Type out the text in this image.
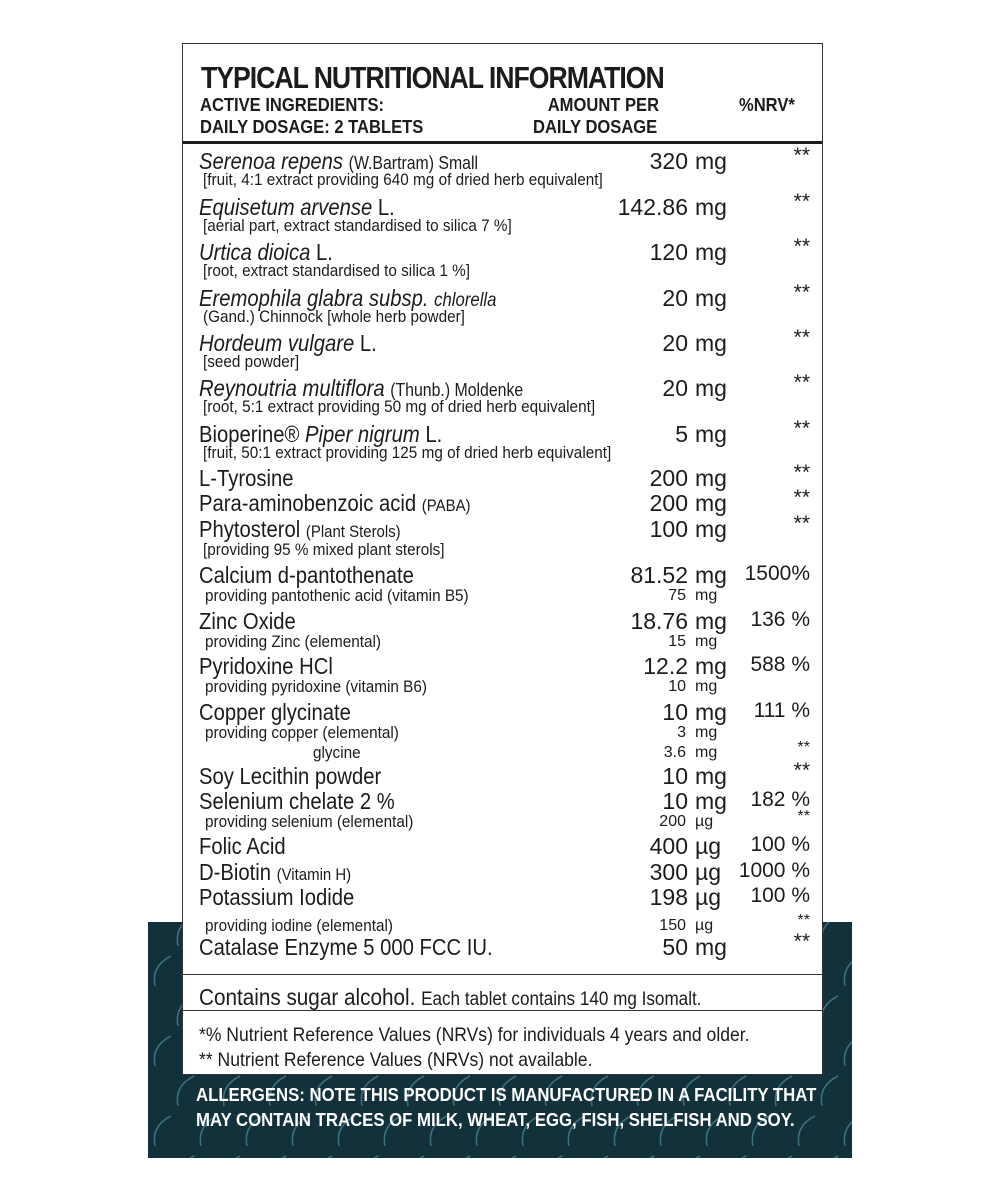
TYPICAL NUTRITIONAL INFORMATION
ACTIVE INGREDIENTS:
DAILY DOSAGE: 2 TABLETS
AMOUNT PER
DAILY DOSAGE
%NRV*
Serenoa repens (W.Bartram) Small	320 mg	**
[fruit, 4:1 extract providing 640 mg of dried herb equivalent]
Equisetum arvense L.	142.86 mg	**
[aerial part, extract standardised to silica 7 %]
Urtica dioica L.	120 mg	**
[root, extract standardised to silica 1 %]
Eremophila glabra subsp. chlorella	20 mg	**
(Gand.) Chinnock [whole herb powder]
Hordeum vulgare L.	20 mg	**
[seed powder]
Reynoutria multiflora (Thunb.) Moldenke	20 mg	**
[root, 5:1 extract providing 50 mg of dried herb equivalent]
Bioperine® Piper nigrum L.	5 mg	**
[fruit, 50:1 extract providing 125 mg of dried herb equivalent]
L-Tyrosine	200 mg	**
Para-aminobenzoic acid (PABA)	200 mg	**
Phytosterol (Plant Sterols)	100 mg	**
[providing 95 % mixed plant sterols]
Calcium d-pantothenate	81.52 mg 1500%
providing pantothenic acid (vitamin B5)	75 mg
Zinc Oxide	18.76 mg 136 %
providing Zinc (elemental)	15 mg
Pyridoxine HCl	12.2 mg 588 %
providing pyridoxine (vitamin B6)	10 mg
Copper glycinate	10 mg 111 %
providing copper (elemental)	3 mg
glycine	3.6 mg	**
Soy Lecithin powder	10 mg	**
Selenium chelate 2 %	10 mg 182 %
providing selenium (elemental)	200 µg	**
Folic Acid	400 µg 100 %
D-Biotin (Vitamin H)	300 µg 1000 %
Potassium Iodide	198 µg 100 %
providing iodine (elemental)	150 µg	**
Catalase Enzyme 5 000 FCC IU.	50 mg	**
Contains sugar alcohol. Each tablet contains 140 mg Isomalt.
*% Nutrient Reference Values (NRVs) for individuals 4 years and older.
** Nutrient Reference Values (NRVs) not available.
ALLERGENS: NOTE THIS PRODUCT IS MANUFACTURED IN A FACILITY THAT
MAY CONTAIN TRACES OF MILK, WHEAT, EGG, FISH, SHELFISH AND SOY.
